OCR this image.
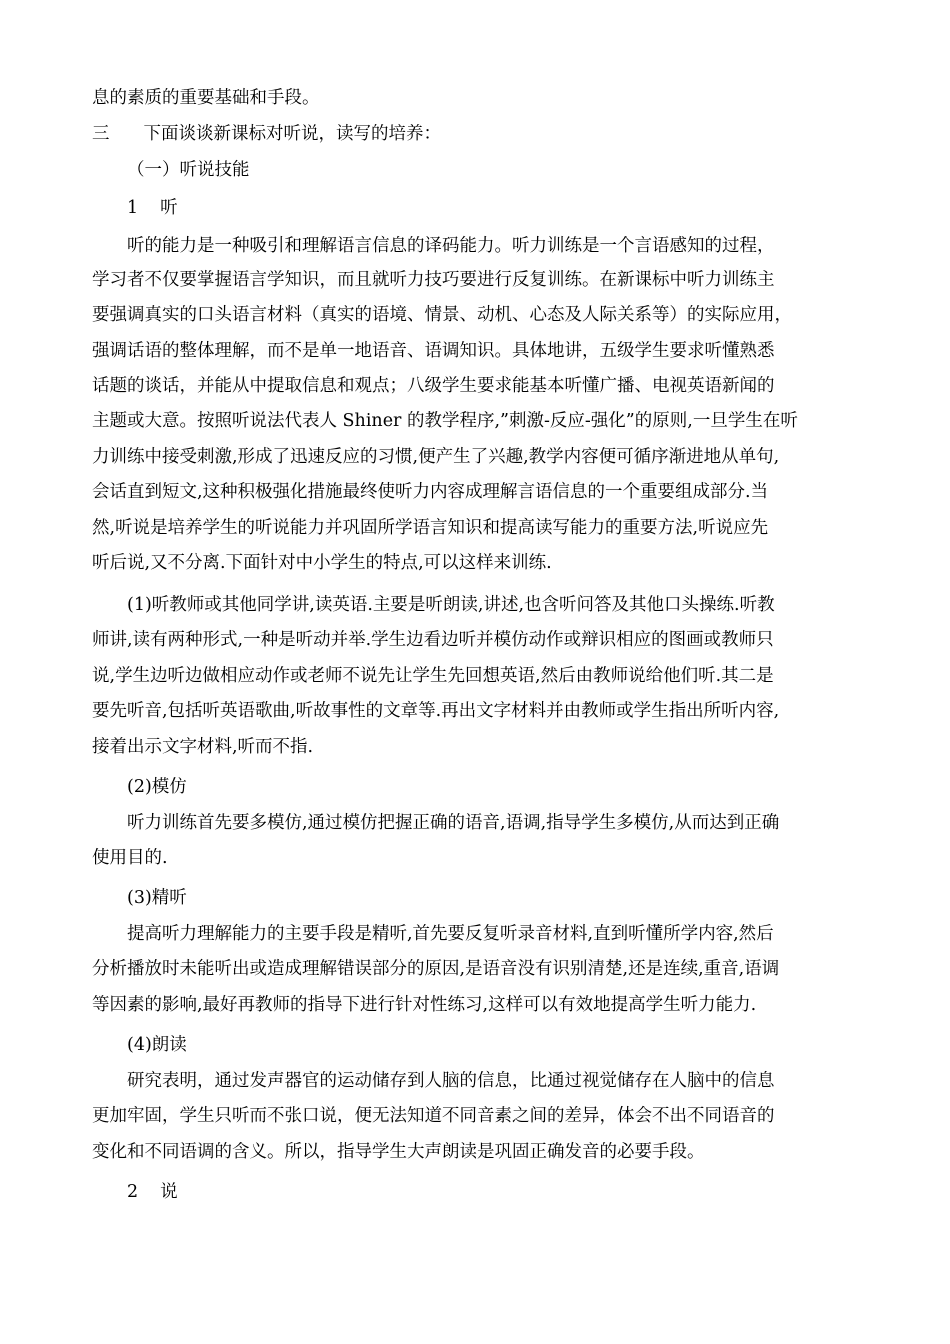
息的素质的重要基础和手段。
三 下面谈谈新课标对听说，读写的培养：
（一）听说技能
1 听
听的能力是一种吸引和理解语言信息的译码能力。听力训练是一个言语感知的过程，
学习者不仅要掌握语言学知识，而且就听力技巧要进行反复训练。在新课标中听力训练主
要强调真实的口头语言材料（真实的语境、情景、动机、心态及人际关系等）的实际应用，
强调话语的整体理解，而不是单一地语音、语调知识。具体地讲，五级学生要求听懂熟悉
话题的谈话，并能从中提取信息和观点；八级学生要求能基本听懂广播、电视英语新闻的
主题或大意。按照听说法代表人 Shiner 的教学程序,”刺激-反应-强化”的原则,一旦学生在听
力训练中接受刺激,形成了迅速反应的习惯,便产生了兴趣,教学内容便可循序渐进地从单句,
会话直到短文,这种积极强化措施最终使听力内容成理解言语信息的一个重要组成部分.当
然,听说是培养学生的听说能力并巩固所学语言知识和提高读写能力的重要方法,听说应先
听后说,又不分离.下面针对中小学生的特点,可以这样来训练.
(1)听教师或其他同学讲,读英语.主要是听朗读,讲述,也含听问答及其他口头操练.听教
师讲,读有两种形式,一种是听动并举.学生边看边听并模仿动作或辩识相应的图画或教师只
说,学生边听边做相应动作或老师不说先让学生先回想英语,然后由教师说给他们听.其二是
要先听音,包括听英语歌曲,听故事性的文章等.再出文字材料并由教师或学生指出所听内容,
接着出示文字材料,听而不指.
(2)模仿
听力训练首先要多模仿,通过模仿把握正确的语音,语调,指导学生多模仿,从而达到正确
使用目的.
(3)精听
提高听力理解能力的主要手段是精听,首先要反复听录音材料,直到听懂所学内容,然后
分析播放时未能听出或造成理解错误部分的原因,是语音没有识别清楚,还是连续,重音,语调
等因素的影响,最好再教师的指导下进行针对性练习,这样可以有效地提高学生听力能力.
(4)朗读
研究表明，通过发声器官的运动储存到人脑的信息，比通过视觉储存在人脑中的信息
更加牢固，学生只听而不张口说，便无法知道不同音素之间的差异，体会不出不同语音的
变化和不同语调的含义。所以，指导学生大声朗读是巩固正确发音的必要手段。
2 说
